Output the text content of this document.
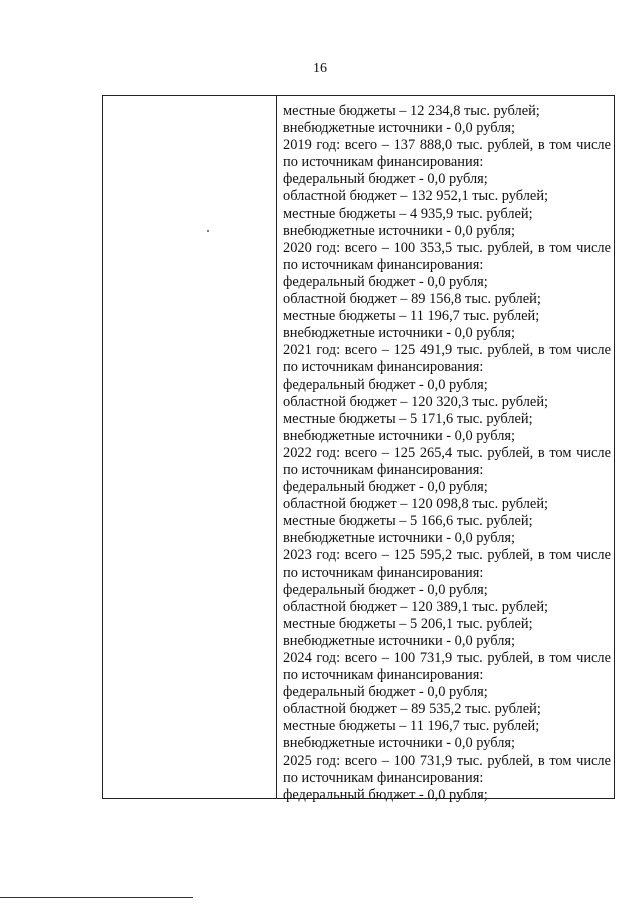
16
местные бюджеты – 12 234,8 тыс. рублей;
внебюджетные источники - 0,0 рубля;
2019 год: всего – 137 888,0 тыс. рублей, в том числе
по источникам финансирования:
федеральный бюджет - 0,0 рубля;
областной бюджет – 132 952,1 тыс. рублей;
местные бюджеты – 4 935,9 тыс. рублей;
внебюджетные источники - 0,0 рубля;
2020 год: всего – 100 353,5 тыс. рублей, в том числе
по источникам финансирования:
федеральный бюджет - 0,0 рубля;
областной бюджет – 89 156,8 тыс. рублей;
местные бюджеты – 11 196,7 тыс. рублей;
внебюджетные источники - 0,0 рубля;
2021 год: всего – 125 491,9 тыс. рублей, в том числе
по источникам финансирования:
федеральный бюджет - 0,0 рубля;
областной бюджет – 120 320,3 тыс. рублей;
местные бюджеты – 5 171,6 тыс. рублей;
внебюджетные источники - 0,0 рубля;
2022 год: всего – 125 265,4 тыс. рублей, в том числе
по источникам финансирования:
федеральный бюджет - 0,0 рубля;
областной бюджет – 120 098,8 тыс. рублей;
местные бюджеты – 5 166,6 тыс. рублей;
внебюджетные источники - 0,0 рубля;
2023 год: всего – 125 595,2 тыс. рублей, в том числе
по источникам финансирования:
федеральный бюджет - 0,0 рубля;
областной бюджет – 120 389,1 тыс. рублей;
местные бюджеты – 5 206,1 тыс. рублей;
внебюджетные источники - 0,0 рубля;
2024 год: всего – 100 731,9 тыс. рублей, в том числе
по источникам финансирования:
федеральный бюджет - 0,0 рубля;
областной бюджет – 89 535,2 тыс. рублей;
местные бюджеты – 11 196,7 тыс. рублей;
внебюджетные источники - 0,0 рубля;
2025 год: всего – 100 731,9 тыс. рублей, в том числе
по источникам финансирования:
федеральный бюджет - 0,0 рубля;
